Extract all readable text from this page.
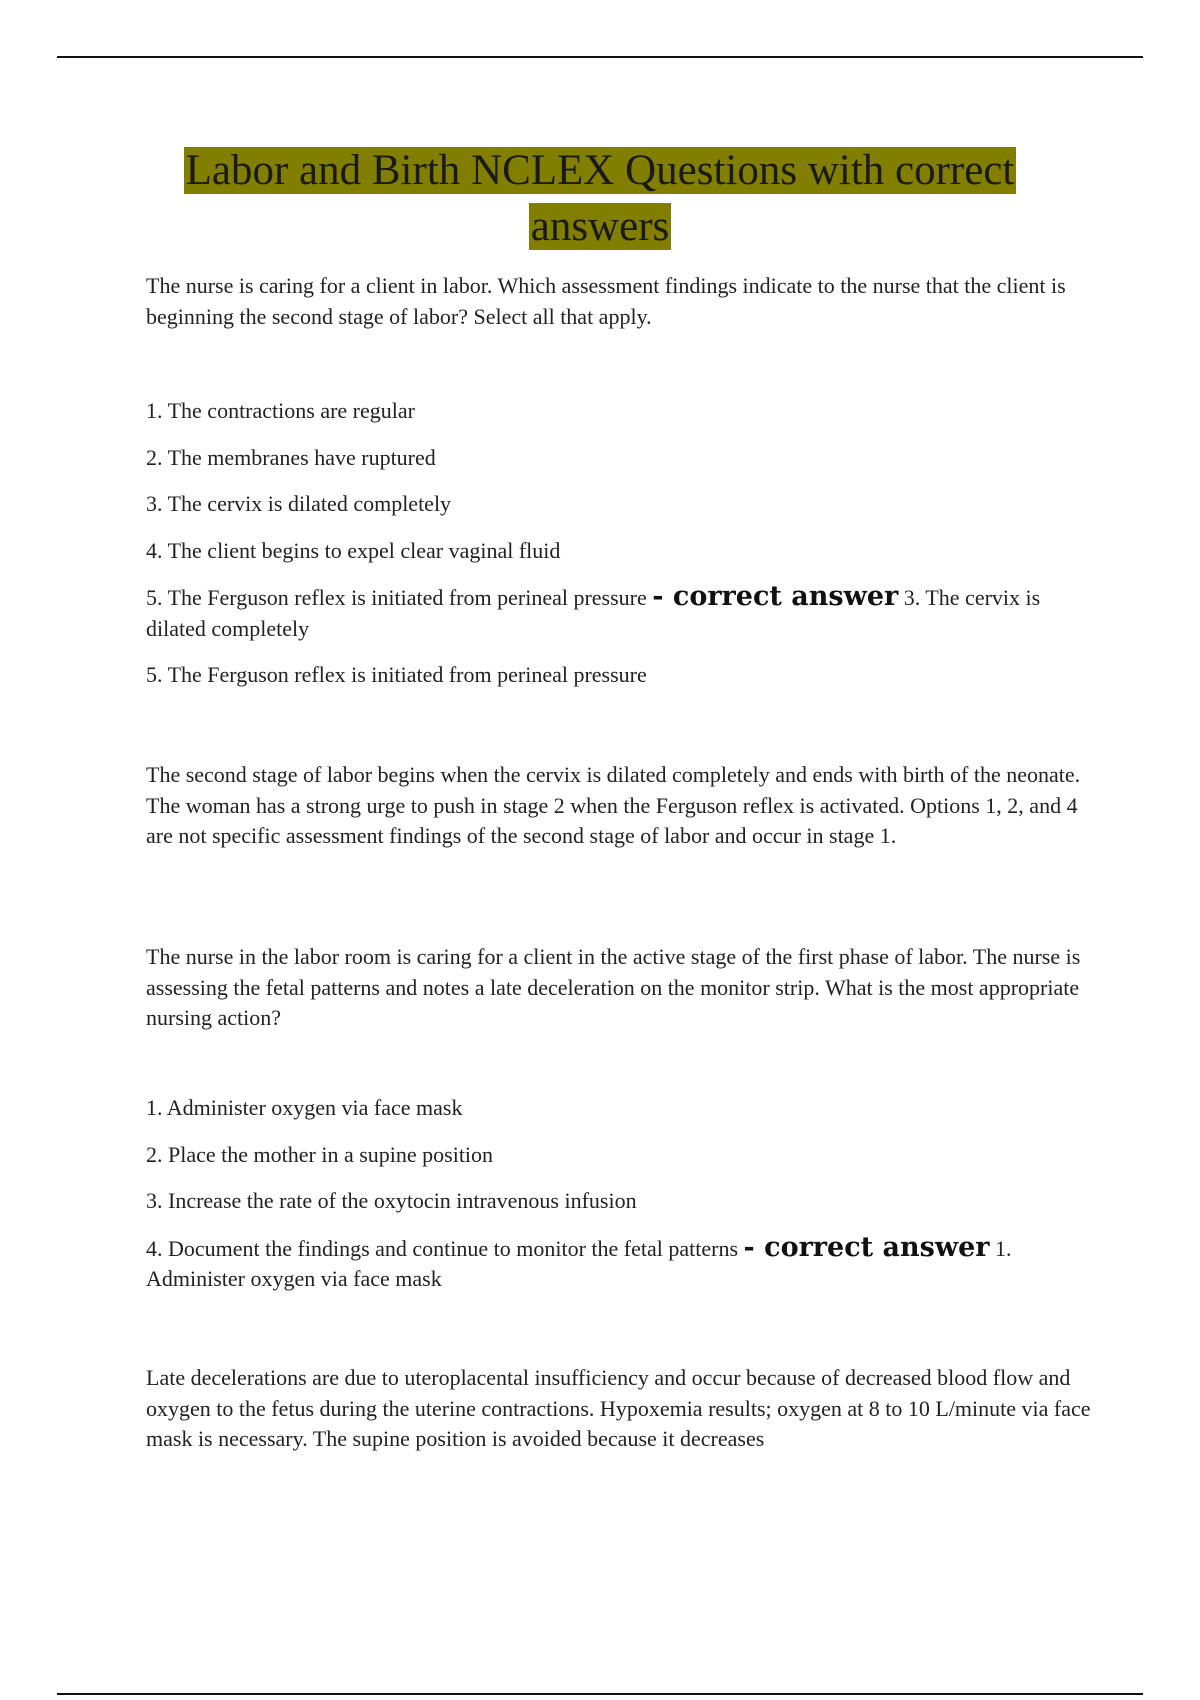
Labor and Birth NCLEX Questions with correct
answers

The nurse is caring for a client in labor. Which assessment findings indicate to the nurse that the client is beginning the second stage of labor? Select all that apply.

1. The contractions are regular

2. The membranes have ruptured

3. The cervix is dilated completely

4. The client begins to expel clear vaginal fluid

5. The Ferguson reflex is initiated from perineal pressure - correct answer 3. The cervix is dilated completely

5. The Ferguson reflex is initiated from perineal pressure

The second stage of labor begins when the cervix is dilated completely and ends with birth of the neonate. The woman has a strong urge to push in stage 2 when the Ferguson reflex is activated. Options 1, 2, and 4 are not specific assessment findings of the second stage of labor and occur in stage 1.

The nurse in the labor room is caring for a client in the active stage of the first phase of labor. The nurse is assessing the fetal patterns and notes a late deceleration on the monitor strip. What is the most appropriate nursing action?

1. Administer oxygen via face mask

2. Place the mother in a supine position

3. Increase the rate of the oxytocin intravenous infusion

4. Document the findings and continue to monitor the fetal patterns - correct answer 1. Administer oxygen via face mask

Late decelerations are due to uteroplacental insufficiency and occur because of decreased blood flow and oxygen to the fetus during the uterine contractions. Hypoxemia results; oxygen at 8 to 10 L/minute via face mask is necessary. The supine position is avoided because it decreases
